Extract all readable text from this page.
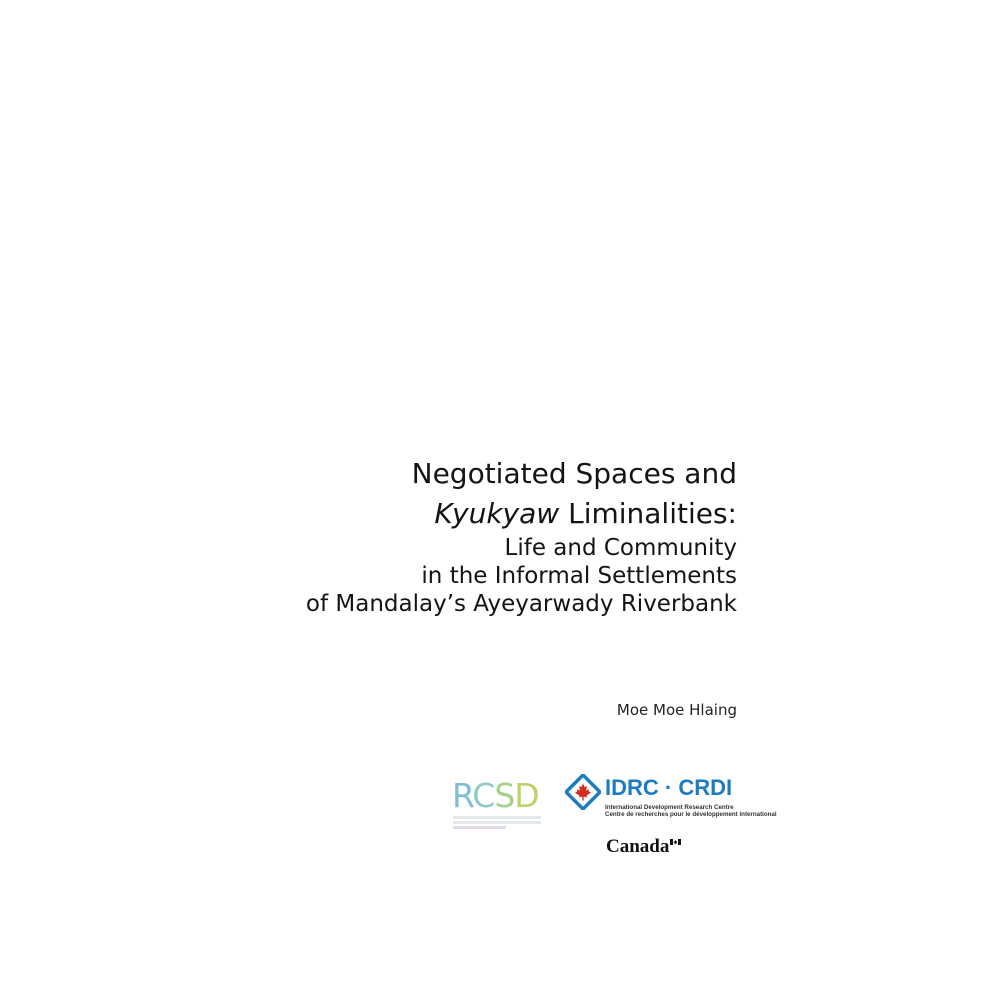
Negotiated Spaces and
Kyukyaw Liminalities:
Life and Community
in the Informal Settlements
of Mandalay’s Ayeyarwady Riverbank
Moe Moe Hlaing
RCSD	IDRC · CRDI
International Development Research Centre
Centre de recherches pour le développement international
Canada
